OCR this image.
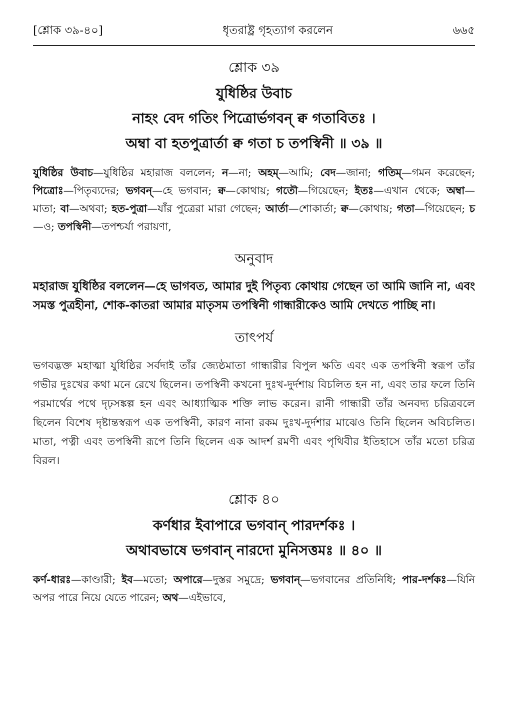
[শ্লোক ৩৯-৪০]	ধৃতরাষ্ট্র গৃহত্যাগ করলেন	৬৬৫
শ্লোক ৩৯
যুধিষ্ঠির উবাচ
নাহং বেদ গতিং পিত্রোর্ভগবন্ ক্ব গতাবিতঃ ।
অম্বা বা হতপুত্রার্তা ক্ব গতা চ তপস্বিনী ॥ ৩৯ ॥
যুধিষ্ঠির উবাচ—যুধিষ্ঠির মহারাজ বললেন; ন—না; অহম্—আমি; বেদ—জানা; গতিম্—গমন করেছেন; পিত্রোঃ—পিতৃব্যদের; ভগবন্—হে ভগবান; ক্ব—কোথায়; গতৌ—গিয়েছেন; ইতঃ—এখান থেকে; অম্বা—মাতা; বা—অথবা; হত-পুত্রা—যাঁর পুত্রেরা মারা গেছেন; আর্তা—শোকার্তা; ক্ব—কোথায়; গতা—গিয়েছেন; চ—ও; তপস্বিনী—তপশ্চর্যা পরায়ণা,
অনুবাদ
মহারাজ যুধিষ্ঠির বললেন—হে ভাগবত, আমার দুই পিতৃব্য কোথায় গেছেন তা আমি জানি না, এবং সমস্ত পুত্রহীনা, শোক-কাতরা আমার মাতৃসম তপস্বিনী গান্ধারীকেও আমি দেখতে পাচ্ছি না।
তাৎপর্য
ভগবদ্ভক্ত মহাত্মা যুধিষ্ঠির সর্বদাই তাঁর জ্যেষ্ঠমাতা গান্ধারীর বিপুল ক্ষতি এবং এক তপস্বিনী স্বরূপ তাঁর গভীর দুঃখের কথা মনে রেখে ছিলেন। তপস্বিনী কখনো দুঃখ-দুর্দশায় বিচলিত হন না, এবং তার ফলে তিনি পরমার্থের পথে দৃঢ়সঙ্কল্প হন এবং আধ্যাত্মিক শক্তি লাভ করেন। রানী গান্ধারী তাঁর অনবদ্য চরিত্রবলে ছিলেন বিশেষ দৃষ্টান্তস্বরূপ এক তপস্বিনী, কারণ নানা রকম দুঃখ-দুর্দশার মাঝেও তিনি ছিলেন অবিচলিত। মাতা, পত্নী এবং তপস্বিনী রূপে তিনি ছিলেন এক আদর্শ রমণী এবং পৃথিবীর ইতিহাসে তাঁর মতো চরিত্র বিরল।
শ্লোক ৪০
কর্ণধার ইবাপারে ভগবান্ পারদর্শকঃ ।
অথাবভাষে ভগবান্ নারদো মুনিসত্তমঃ ॥ ৪০ ॥
কর্ণ-ধারঃ—কাণ্ডারী; ইব—মতো; অপারে—দুস্তর সমুদ্রে; ভগবান্—ভগবানের প্রতিনিধি; পার-দর্শকঃ—যিনি অপর পারে নিয়ে যেতে পারেন; অথ—এইভাবে,
